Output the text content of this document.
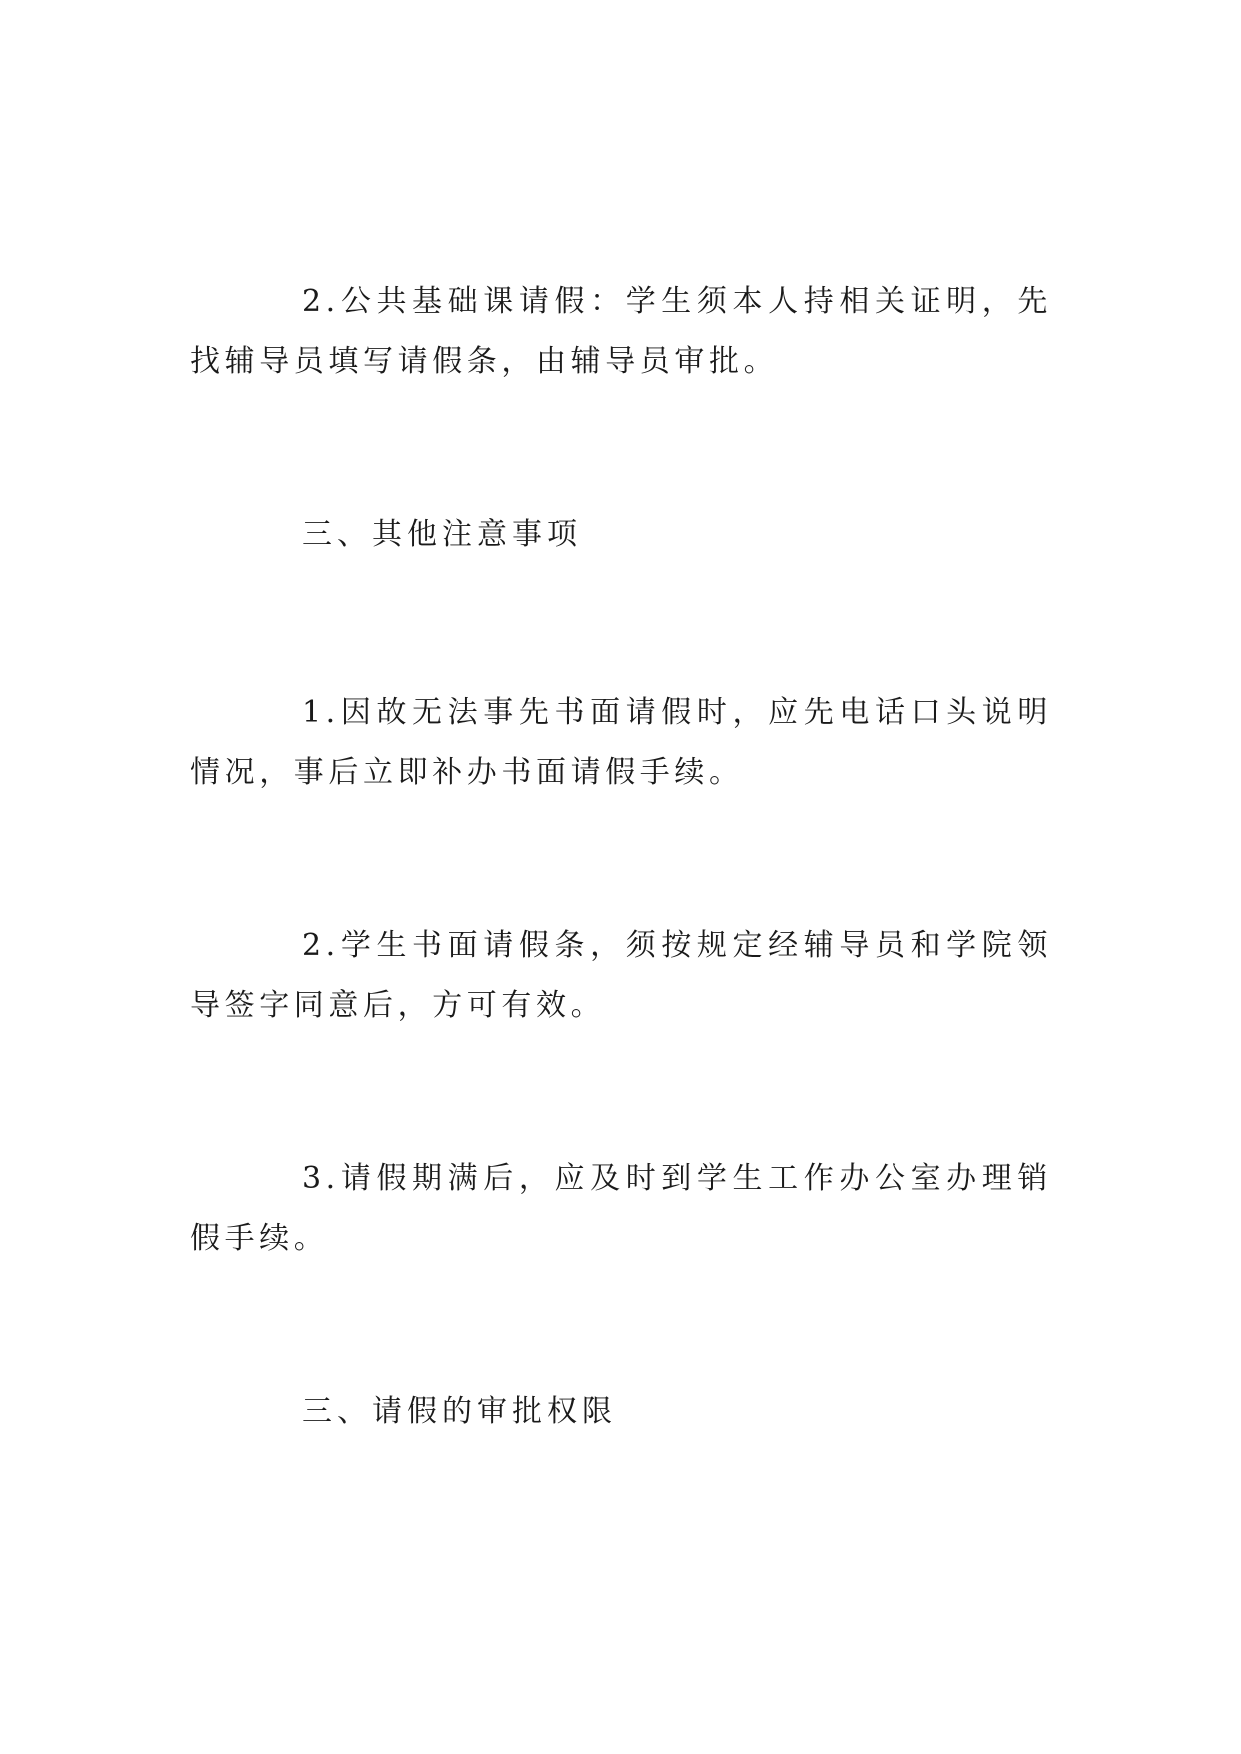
2.公共基础课请假：学生须本人持相关证明，先找辅导员填写请假条，由辅导员审批。

三、其他注意事项

1.因故无法事先书面请假时，应先电话口头说明情况，事后立即补办书面请假手续。

2.学生书面请假条，须按规定经辅导员和学院领导签字同意后，方可有效。

3.请假期满后，应及时到学生工作办公室办理销假手续。

三、请假的审批权限
